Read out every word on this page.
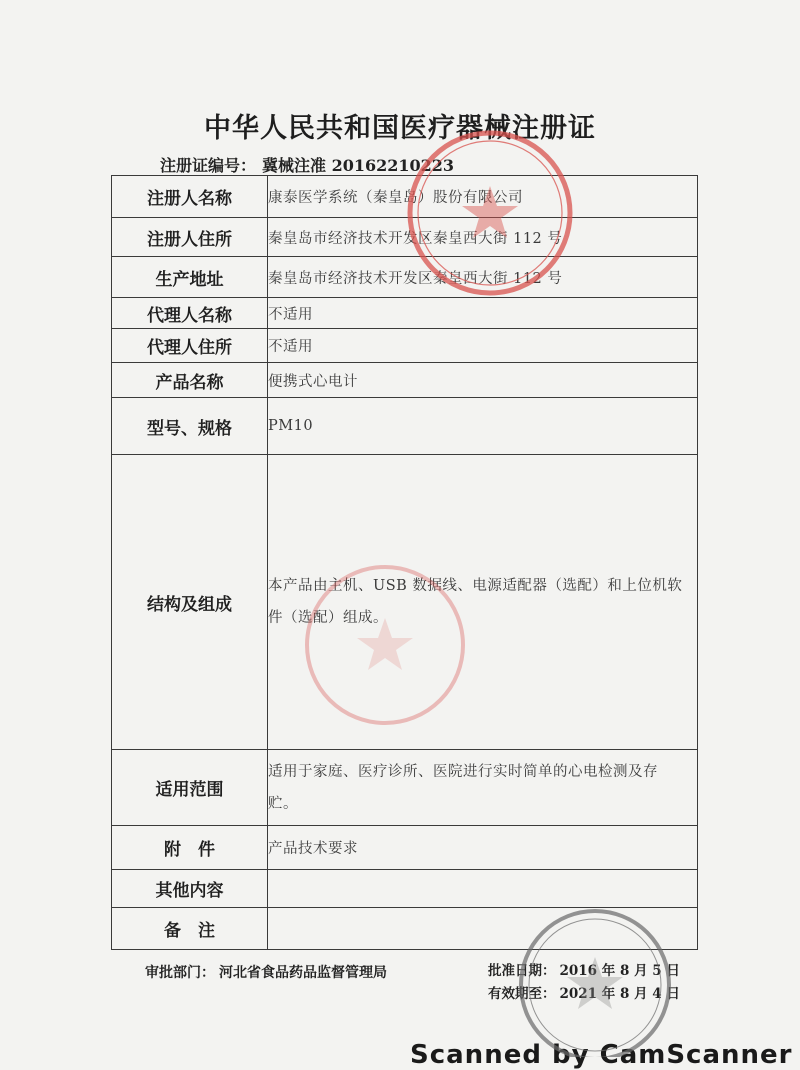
中华人民共和国医疗器械注册证
注册证编号： 冀械注准 20162210223
注册人名称	康泰医学系统（秦皇岛）股份有限公司
注册人住所	秦皇岛市经济技术开发区秦皇西大街 112 号
生产地址	秦皇岛市经济技术开发区秦皇西大街 112 号
代理人名称	不适用
代理人住所	不适用
产品名称	便携式心电计
型号、规格	PM10
结构及组成	本产品由主机、USB 数据线、电源适配器（选配）和上位机软件（选配）组成。
适用范围	适用于家庭、医疗诊所、医院进行实时简单的心电检测及存贮。
附　件	产品技术要求
其他内容	
备　注	
审批部门： 河北省食品药品监督管理局	批准日期： 2016 年 8 月 5 日
有效期至： 2021 年 8 月 4 日
Scanned by CamScanner
